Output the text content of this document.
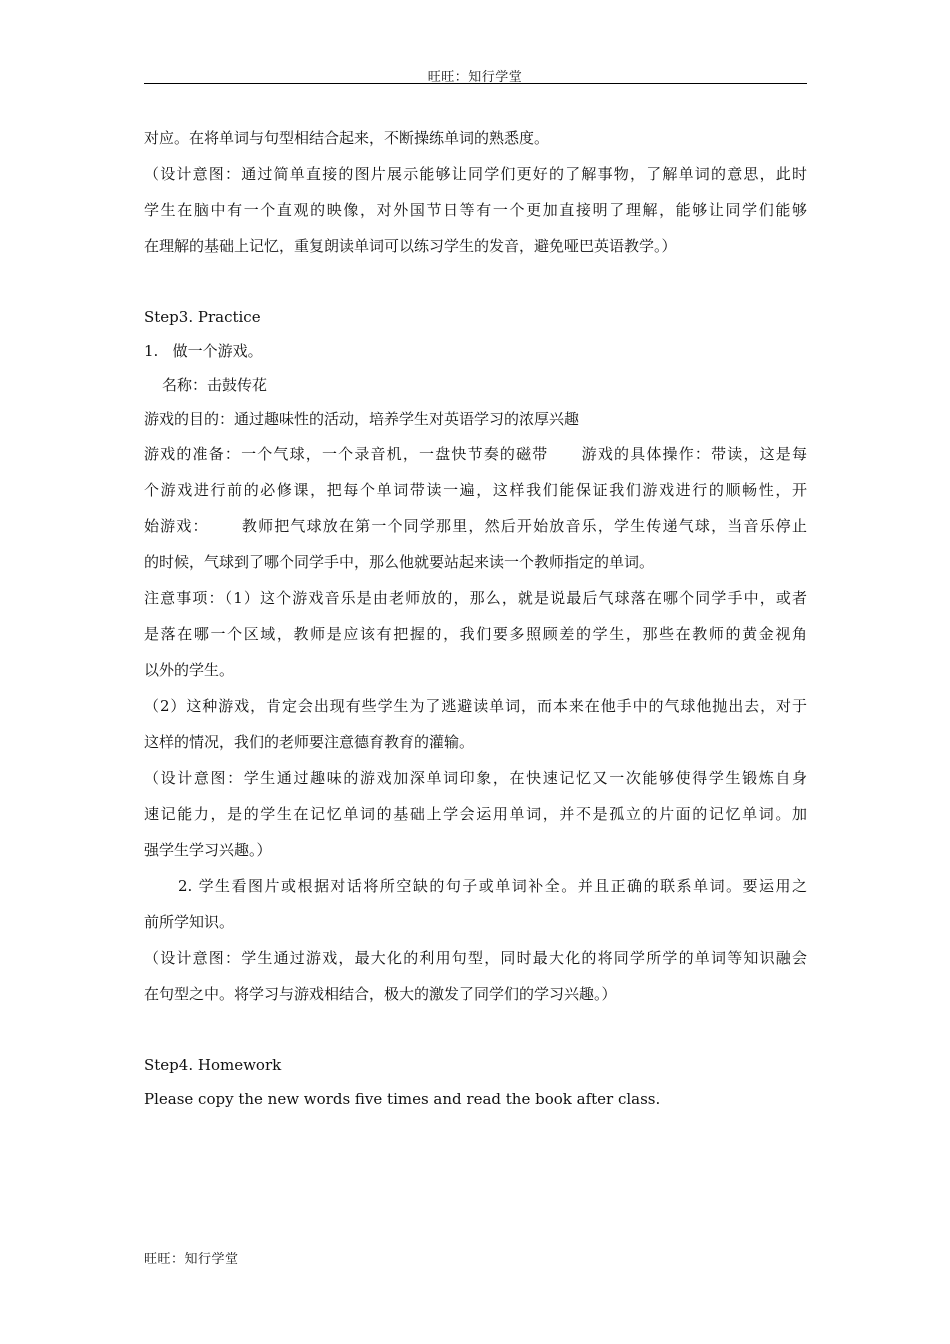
旺旺：知行学堂
对应。在将单词与句型相结合起来，不断操练单词的熟悉度。
（设计意图：通过简单直接的图片展示能够让同学们更好的了解事物，了解单词的意思，此时
学生在脑中有一个直观的映像，对外国节日等有一个更加直接明了理解，能够让同学们能够
在理解的基础上记忆，重复朗读单词可以练习学生的发音，避免哑巴英语教学。）
Step3. Practice
1.   做一个游戏。
名称：击鼓传花
游戏的目的：通过趣味性的活动，培养学生对英语学习的浓厚兴趣
游戏的准备：一个气球，一个录音机，一盘快节奏的磁带 游戏的具体操作：带读，这是每
个游戏进行前的必修课，把每个单词带读一遍，这样我们能保证我们游戏进行的顺畅性，开
始游戏： 教师把气球放在第一个同学那里，然后开始放音乐，学生传递气球，当音乐停止
的时候，气球到了哪个同学手中，那么他就要站起来读一个教师指定的单词。
注意事项：（1）这个游戏音乐是由老师放的，那么，就是说最后气球落在哪个同学手中，或者
是落在哪一个区域，教师是应该有把握的，我们要多照顾差的学生，那些在教师的黄金视角
以外的学生。
（2）这种游戏，肯定会出现有些学生为了逃避读单词，而本来在他手中的气球他抛出去，对于
这样的情况，我们的老师要注意德育教育的灌输。
（设计意图：学生通过趣味的游戏加深单词印象，在快速记忆又一次能够使得学生锻炼自身
速记能力，是的学生在记忆单词的基础上学会运用单词，并不是孤立的片面的记忆单词。加
强学生学习兴趣。）
2. 学生看图片或根据对话将所空缺的句子或单词补全。并且正确的联系单词。要运用之
前所学知识。
（设计意图：学生通过游戏，最大化的利用句型，同时最大化的将同学所学的单词等知识融会
在句型之中。将学习与游戏相结合，极大的激发了同学们的学习兴趣。）
Step4. Homework
Please copy the new words five times and read the book after class.
旺旺：知行学堂
